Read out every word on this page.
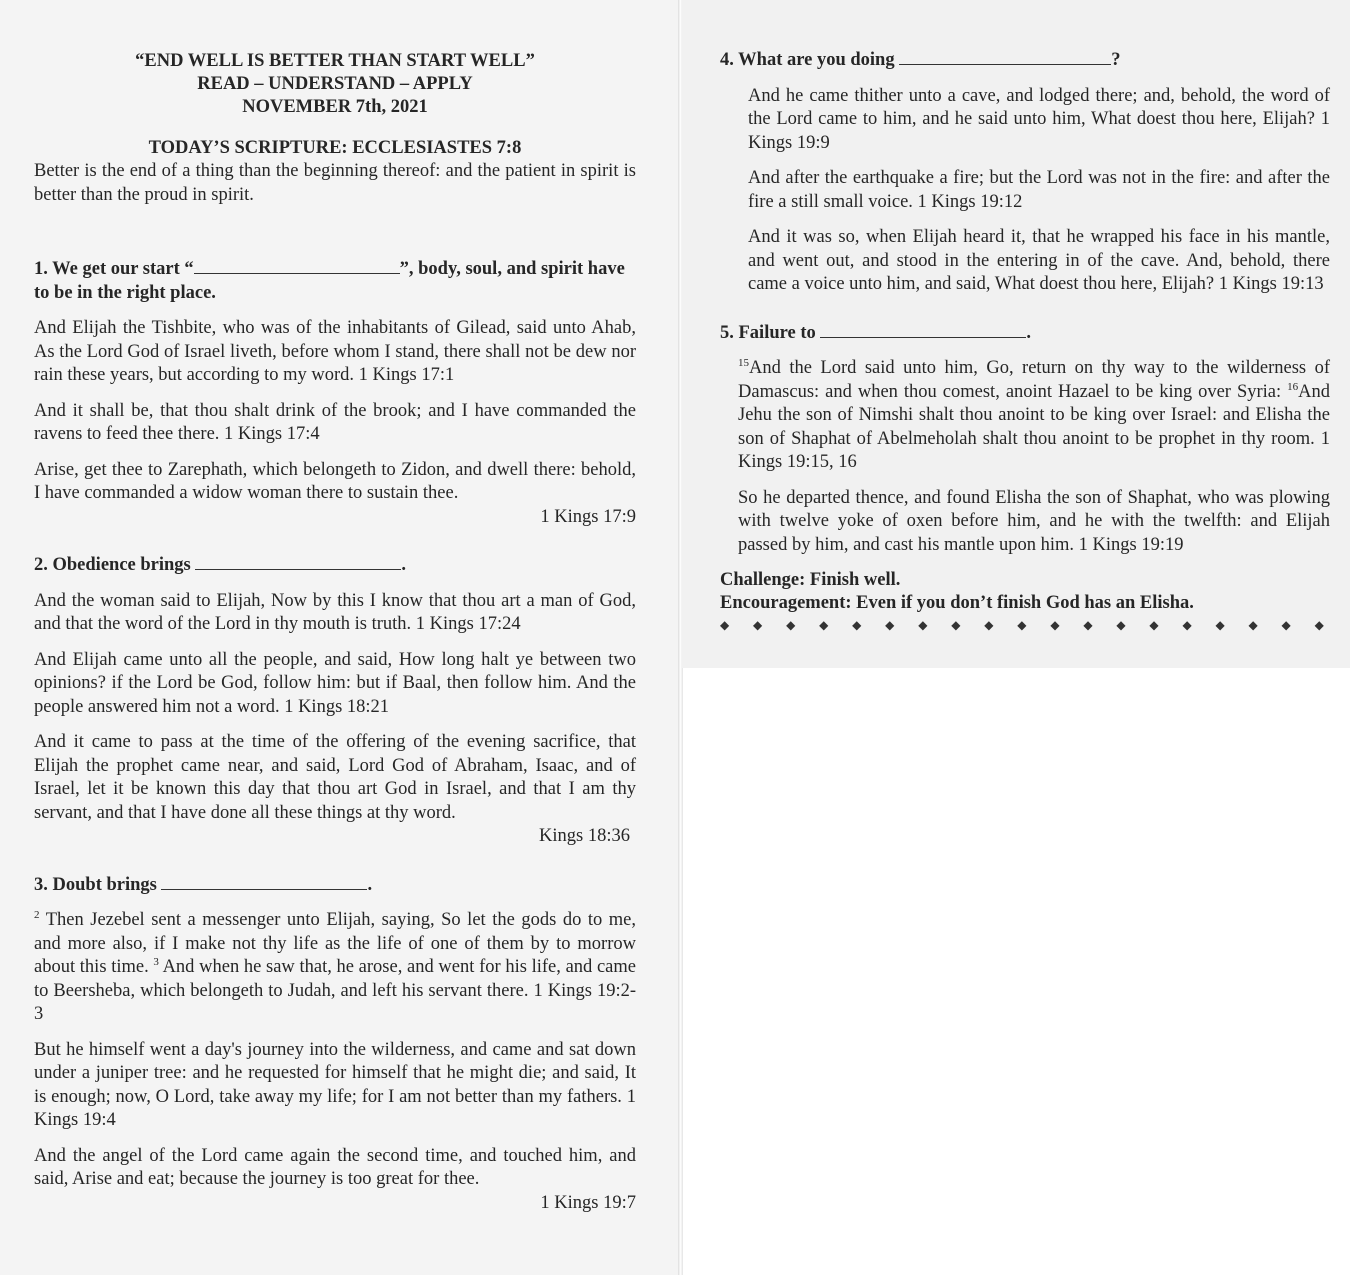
“END WELL IS BETTER THAN START WELL”
READ – UNDERSTAND – APPLY
NOVEMBER 7th, 2021
TODAY’S SCRIPTURE: ECCLESIASTES 7:8

Better is the end of a thing than the beginning thereof: and the patient in spirit is better than the proud in spirit.

1. We get our start “	”, body, soul, and spirit have to be in the right place.

And Elijah the Tishbite, who was of the inhabitants of Gilead, said unto Ahab, As the Lord God of Israel liveth, before whom I stand, there shall not be dew nor rain these years, but according to my word. 1 Kings 17:1

And it shall be, that thou shalt drink of the brook; and I have commanded the ravens to feed thee there. 1 Kings 17:4

Arise, get thee to Zarephath, which belongeth to Zidon, and dwell there: behold, I have commanded a widow woman there to sustain thee.

1 Kings 17:9

2. Obedience brings	.

And the woman said to Elijah, Now by this I know that thou art a man of God, and that the word of the Lord in thy mouth is truth. 1 Kings 17:24

And Elijah came unto all the people, and said, How long halt ye between two opinions? if the Lord be God, follow him: but if Baal, then follow him. And the people answered him not a word. 1 Kings 18:21

And it came to pass at the time of the offering of the evening sacrifice, that Elijah the prophet came near, and said, Lord God of Abraham, Isaac, and of Israel, let it be known this day that thou art God in Israel, and that I am thy servant, and that I have done all these things at thy word.

Kings 18:36

3. Doubt brings	.

$^2$ Then Jezebel sent a messenger unto Elijah, saying, So let the gods do to me, and more also, if I make not thy life as the life of one of them by to morrow about this time. $^3$ And when he saw that, he arose, and went for his life, and came to Beersheba, which belongeth to Judah, and left his servant there. 1 Kings 19:2-3

But he himself went a day's journey into the wilderness, and came and sat down under a juniper tree: and he requested for himself that he might die; and said, It is enough; now, O Lord, take away my life; for I am not better than my fathers. 1 Kings 19:4

And the angel of the Lord came again the second time, and touched him, and said, Arise and eat; because the journey is too great for thee.

1 Kings 19:7

4. What are you doing	?

And he came thither unto a cave, and lodged there; and, behold, the word of the Lord came to him, and he said unto him, What doest thou here, Elijah? 1 Kings 19:9

And after the earthquake a fire; but the Lord was not in the fire: and after the fire a still small voice. 1 Kings 19:12

And it was so, when Elijah heard it, that he wrapped his face in his mantle, and went out, and stood in the entering in of the cave. And, behold, there came a voice unto him, and said, What doest thou here, Elijah? 1 Kings 19:13

5. Failure to	.

$^{15}$And the Lord said unto him, Go, return on thy way to the wilderness of Damascus: and when thou comest, anoint Hazael to be king over Syria: $^{16}$And Jehu the son of Nimshi shalt thou anoint to be king over Israel: and Elisha the son of Shaphat of Abelmeholah shalt thou anoint to be prophet in thy room. 1 Kings 19:15, 16

So he departed thence, and found Elisha the son of Shaphat, who was plowing with twelve yoke of oxen before him, and he with the twelfth: and Elijah passed by him, and cast his mantle upon him. 1 Kings 19:19

Challenge: Finish well.
Encouragement: Even if you don’t finish God has an Elisha.
◆ ◆ ◆ ◆ ◆ ◆ ◆ ◆ ◆ ◆ ◆ ◆ ◆ ◆ ◆ ◆ ◆ ◆ ◆
